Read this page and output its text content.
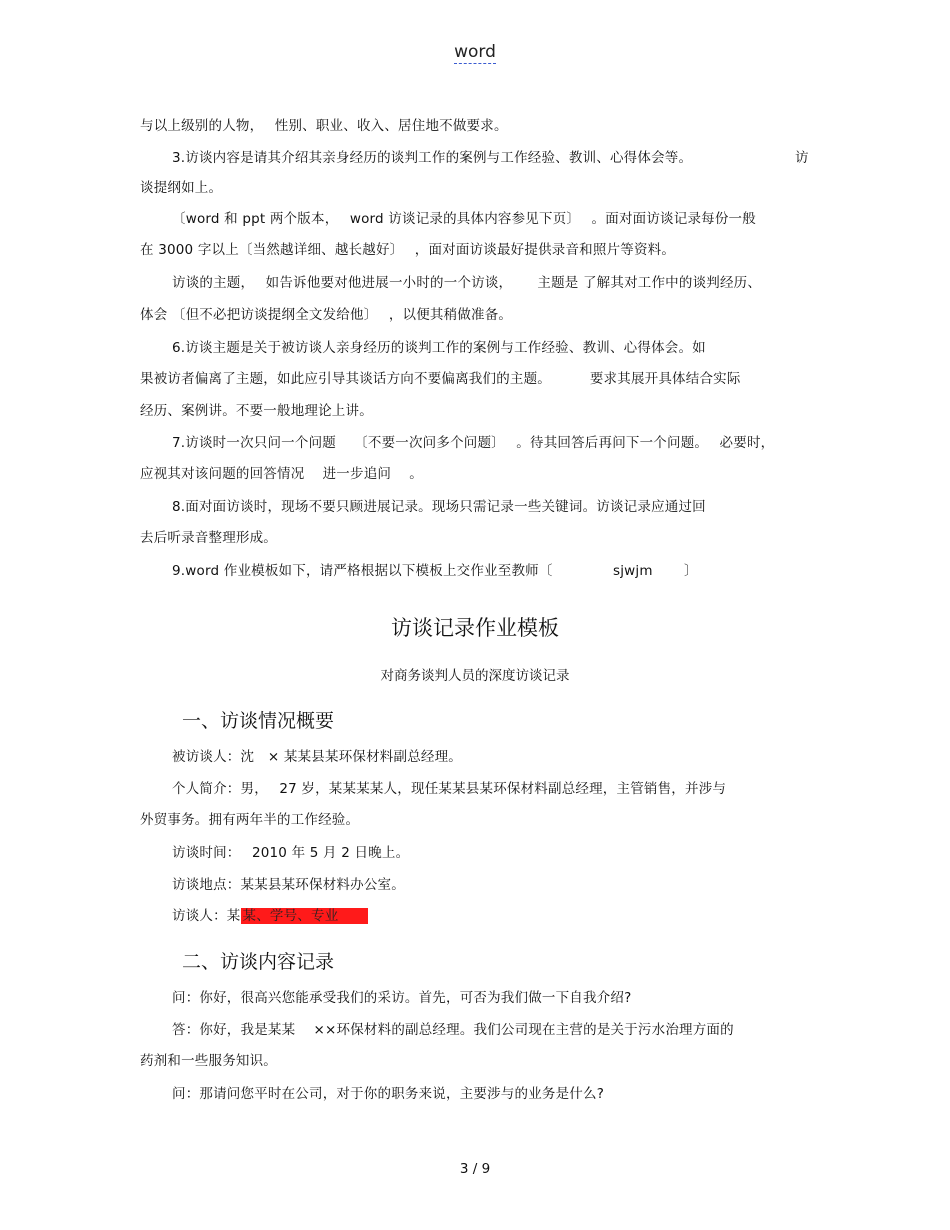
word
与以上级别的人物，　 性别、职业、收入、居住地不做要求。
3.访谈内容是请其介绍其亲身经历的谈判工作的案例与工作经验、教训、心得体会等。	访
谈提纲如上。
〔word 和 ppt 两个版本，　 word 访谈记录的具体内容参见下页〕　 。面对面访谈记录每份一般
在 3000 字以上〔当然越详细、越长越好〕　 ，面对面访谈最好提供录音和照片等资料。
访谈的主题，　 如告诉他要对他进展一小时的一个访谈，　　 主题是 了解其对工作中的谈判经历、
体会 〔但不必把访谈提纲全文发给他〕　 ，以便其稍做准备。
6.访谈主题是关于被访谈人亲身经历的谈判工作的案例与工作经验、教训、心得体会。如
果被访者偏离了主题，如此应引导其谈话方向不要偏离我们的主题。　　　 要求其展开具体结合实际
经历、案例讲。不要一般地理论上讲。
7.访谈时一次只问一个问题　 〔不要一次问多个问题〕　 。待其回答后再问下一个问题。　 必要时，
应视其对该问题的回答情况　 进一步追问　 。
8.面对面访谈时，现场不要只顾进展记录。现场只需记录一些关键词。访谈记录应通过回
去后听录音整理形成。
9.word 作业模板如下，请严格根据以下模板上交作业至教师〔	sjwjm 〕
访谈记录作业模板
对商务谈判人员的深度访谈记录
一、访谈情况概要
被访谈人：沈　× 某某县某环保材料副总经理。
个人简介：男，　 27 岁，某某某某人，现任某某县某环保材料副总经理，主管销售，并涉与
外贸事务。拥有两年半的工作经验。
访谈时间：　 2010 年 5 月 2 日晚上。
访谈地点：某某县某环保材料办公室。
访谈人：某 某、学号、专业　　
二、访谈内容记录
问：你好，很高兴您能承受我们的采访。首先，可否为我们做一下自我介绍?
答：你好，我是某某　 ××环保材料的副总经理。我们公司现在主营的是关于污水治理方面的
药剂和一些服务知识。
问：那请问您平时在公司，对于你的职务来说，主要涉与的业务是什么?
3 / 9
